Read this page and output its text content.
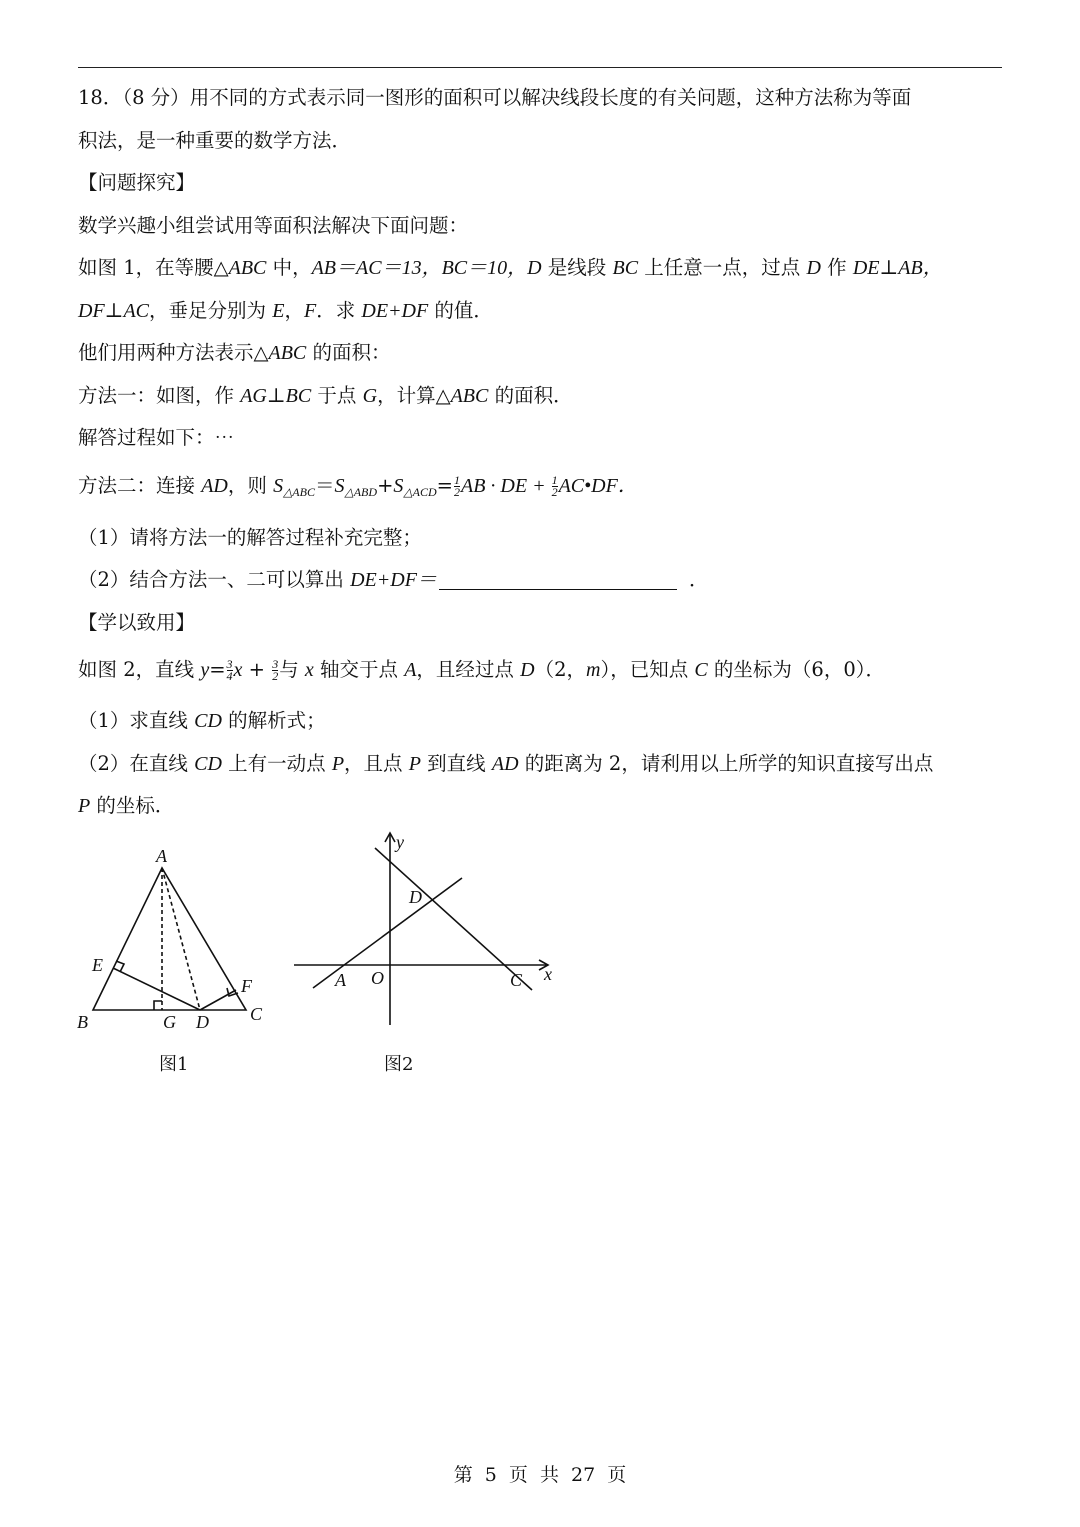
18．（8 分）用不同的方式表示同一图形的面积可以解决线段长度的有关问题，这种方法称为等面
积法，是一种重要的数学方法．
【问题探究】
数学兴趣小组尝试用等面积法解决下面问题：
如图 1，在等腰△ABC 中，AB＝AC＝13，BC＝10，D 是线段 BC 上任意一点，过点 D 作 DE⊥AB，
DF⊥AC，垂足分别为 E，F．求 DE+DF 的值．
他们用两种方法表示△ABC 的面积：
方法一：如图，作 AG⊥BC 于点 G，计算△ABC 的面积．
解答过程如下：⋯
方法二：连接 AD，则 $S_{\triangle ABC}=S_{\triangle ABD}+S_{\triangle ACD}= \frac{1}{2}$ AB · DE + $\frac{1}{2}$ AC•DF．
（1）请将方法一的解答过程补充完整；
（2）结合方法一、二可以算出 DE+DF＝	．
【学以致用】
如图 2，直线 $y= \frac{3}{4}$ $x + \frac{3}{2}$ 与 x 轴交于点 A，且经过点 D（2，m），已知点 C 的坐标为（6，0）．
（1）求直线 CD 的解析式；
（2）在直线 CD 上有一动点 P，且点 P 到直线 AD 的距离为 2，请利用以上所学的知识直接写出点
P 的坐标．
A
B	C
D
E
F
G
图1
y
x
O
A	C
D
图2
第 5 页 共 27 页
